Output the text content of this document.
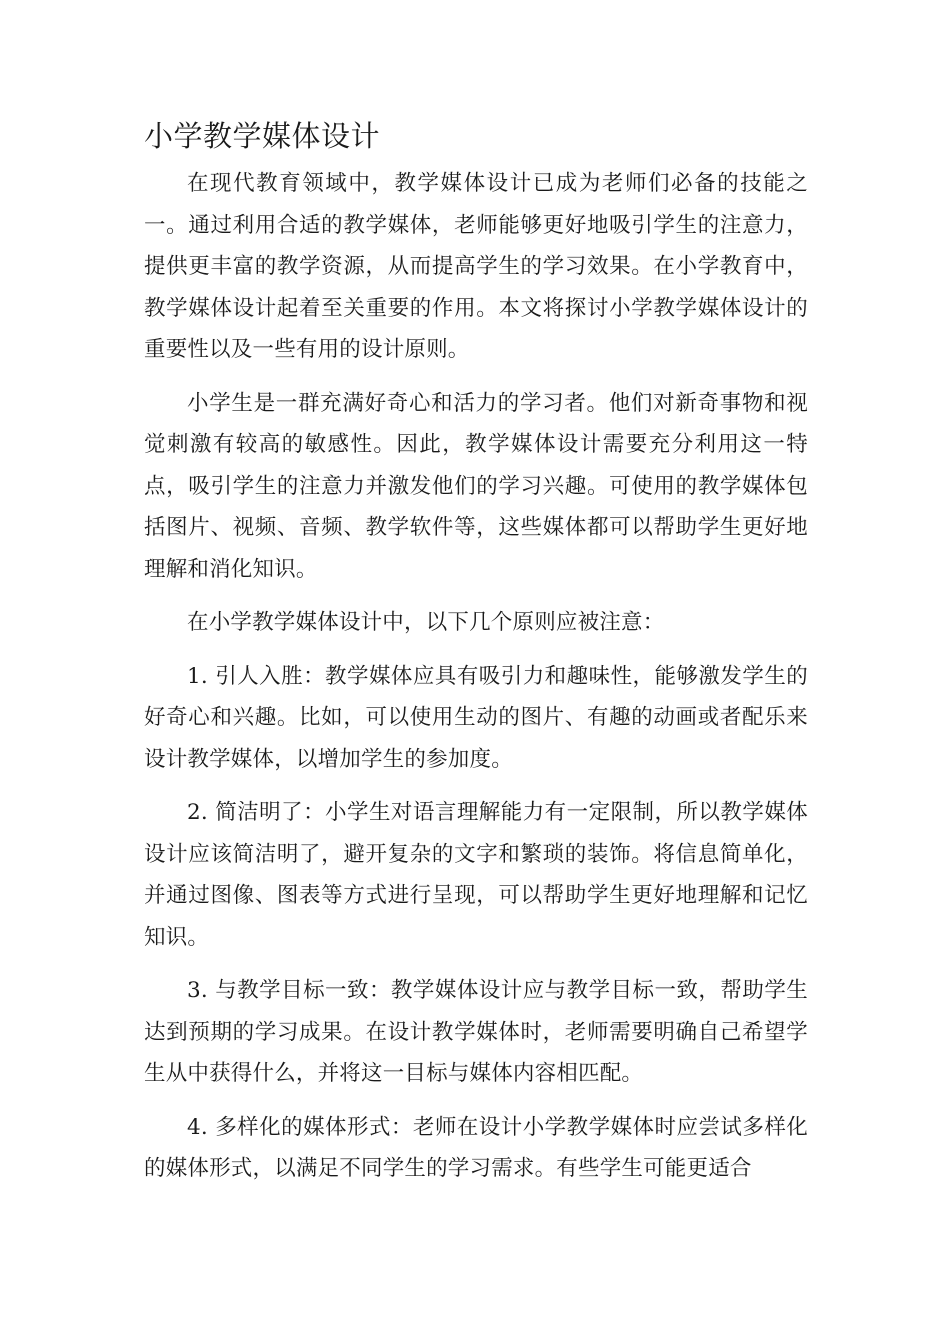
小学教学媒体设计

在现代教育领域中，教学媒体设计已成为老师们必备的技能之一。通过利用合适的教学媒体，老师能够更好地吸引学生的注意力，提供更丰富的教学资源，从而提高学生的学习效果。在小学教育中，教学媒体设计起着至关重要的作用。本文将探讨小学教学媒体设计的重要性以及一些有用的设计原则。

小学生是一群充满好奇心和活力的学习者。他们对新奇事物和视觉刺激有较高的敏感性。因此，教学媒体设计需要充分利用这一特点，吸引学生的注意力并激发他们的学习兴趣。可使用的教学媒体包括图片、视频、音频、教学软件等，这些媒体都可以帮助学生更好地理解和消化知识。

在小学教学媒体设计中，以下几个原则应被注意：

1. 引人入胜：教学媒体应具有吸引力和趣味性，能够激发学生的好奇心和兴趣。比如，可以使用生动的图片、有趣的动画或者配乐来设计教学媒体，以增加学生的参加度。

2. 简洁明了：小学生对语言理解能力有一定限制，所以教学媒体设计应该简洁明了，避开复杂的文字和繁琐的装饰。将信息简单化，并通过图像、图表等方式进行呈现，可以帮助学生更好地理解和记忆知识。

3. 与教学目标一致：教学媒体设计应与教学目标一致，帮助学生达到预期的学习成果。在设计教学媒体时，老师需要明确自己希望学生从中获得什么，并将这一目标与媒体内容相匹配。

4. 多样化的媒体形式：老师在设计小学教学媒体时应尝试多样化的媒体形式，以满足不同学生的学习需求。有些学生可能更适合
